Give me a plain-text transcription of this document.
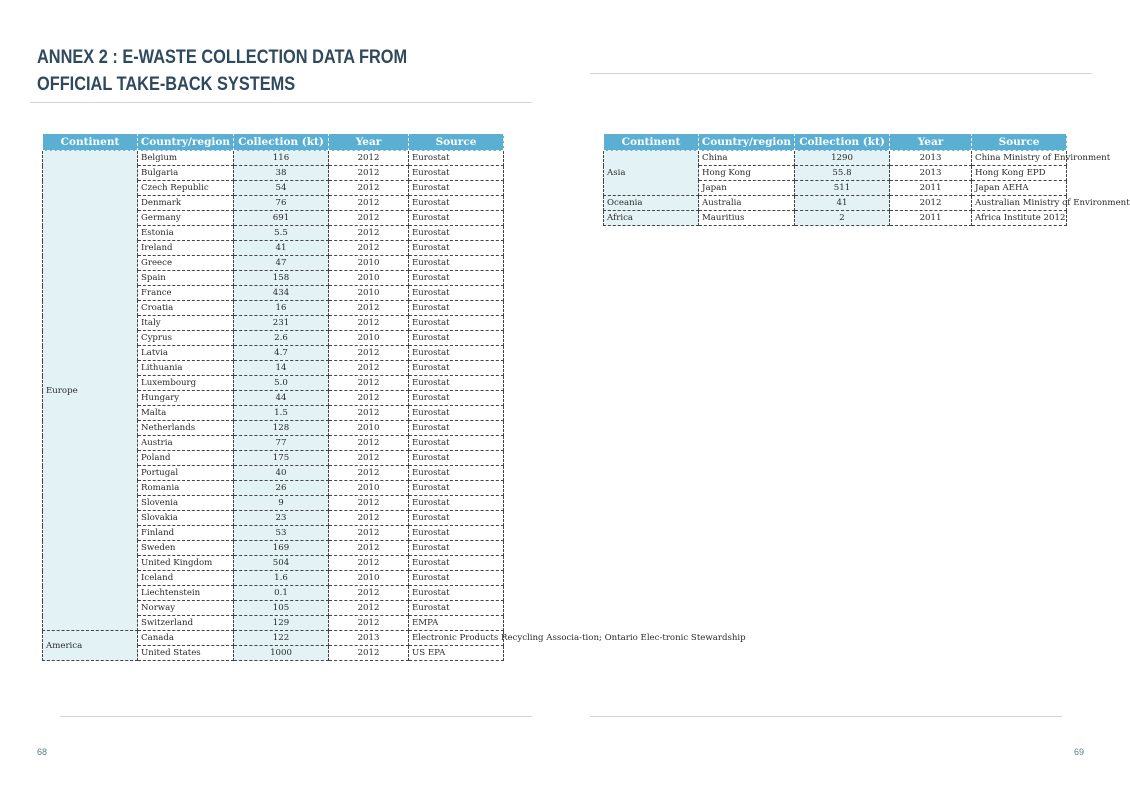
ANNEX 2 : E-WASTE COLLECTION DATA FROM OFFICIAL TAKE-BACK SYSTEMS
Continent	Country/region	Collection (kt)	Year	Source
Europe	Belgium	116	2012	Eurostat
	Bulgaria	38	2012	Eurostat
	Czech Republic	54	2012	Eurostat
	Denmark	76	2012	Eurostat
	Germany	691	2012	Eurostat
	Estonia	5.5	2012	Eurostat
	Ireland	41	2012	Eurostat
	Greece	47	2010	Eurostat
	Spain	158	2010	Eurostat
	France	434	2010	Eurostat
	Croatia	16	2012	Eurostat
	Italy	231	2012	Eurostat
	Cyprus	2.6	2010	Eurostat
	Latvia	4.7	2012	Eurostat
	Lithuania	14	2012	Eurostat
	Luxembourg	5.0	2012	Eurostat
	Hungary	44	2012	Eurostat
	Malta	1.5	2012	Eurostat
	Netherlands	128	2010	Eurostat
	Austria	77	2012	Eurostat
	Poland	175	2012	Eurostat
	Portugal	40	2012	Eurostat
	Romania	26	2010	Eurostat
	Slovenia	9	2012	Eurostat
	Slovakia	23	2012	Eurostat
	Finland	53	2012	Eurostat
	Sweden	169	2012	Eurostat
	United Kingdom	504	2012	Eurostat
	Iceland	1.6	2010	Eurostat
	Liechtenstein	0.1	2012	Eurostat
	Norway	105	2012	Eurostat
	Switzerland	129	2012	EMPA
America	Canada	122	2013	Electronic Products Recycling Associa-tion; Ontario Elec-tronic Stewardship
	United States	1000	2012	US EPA
Continent	Country/region	Collection (kt)	Year	Source
Asia	China	1290	2013	China Ministry of Environment
	Hong Kong	55.8	2013	Hong Kong EPD
	Japan	511	2011	Japan AEHA
Oceania	Australia	41	2012	Australian Ministry of Environment
Africa	Mauritius	2	2011	Africa Institute 2012
68	69
